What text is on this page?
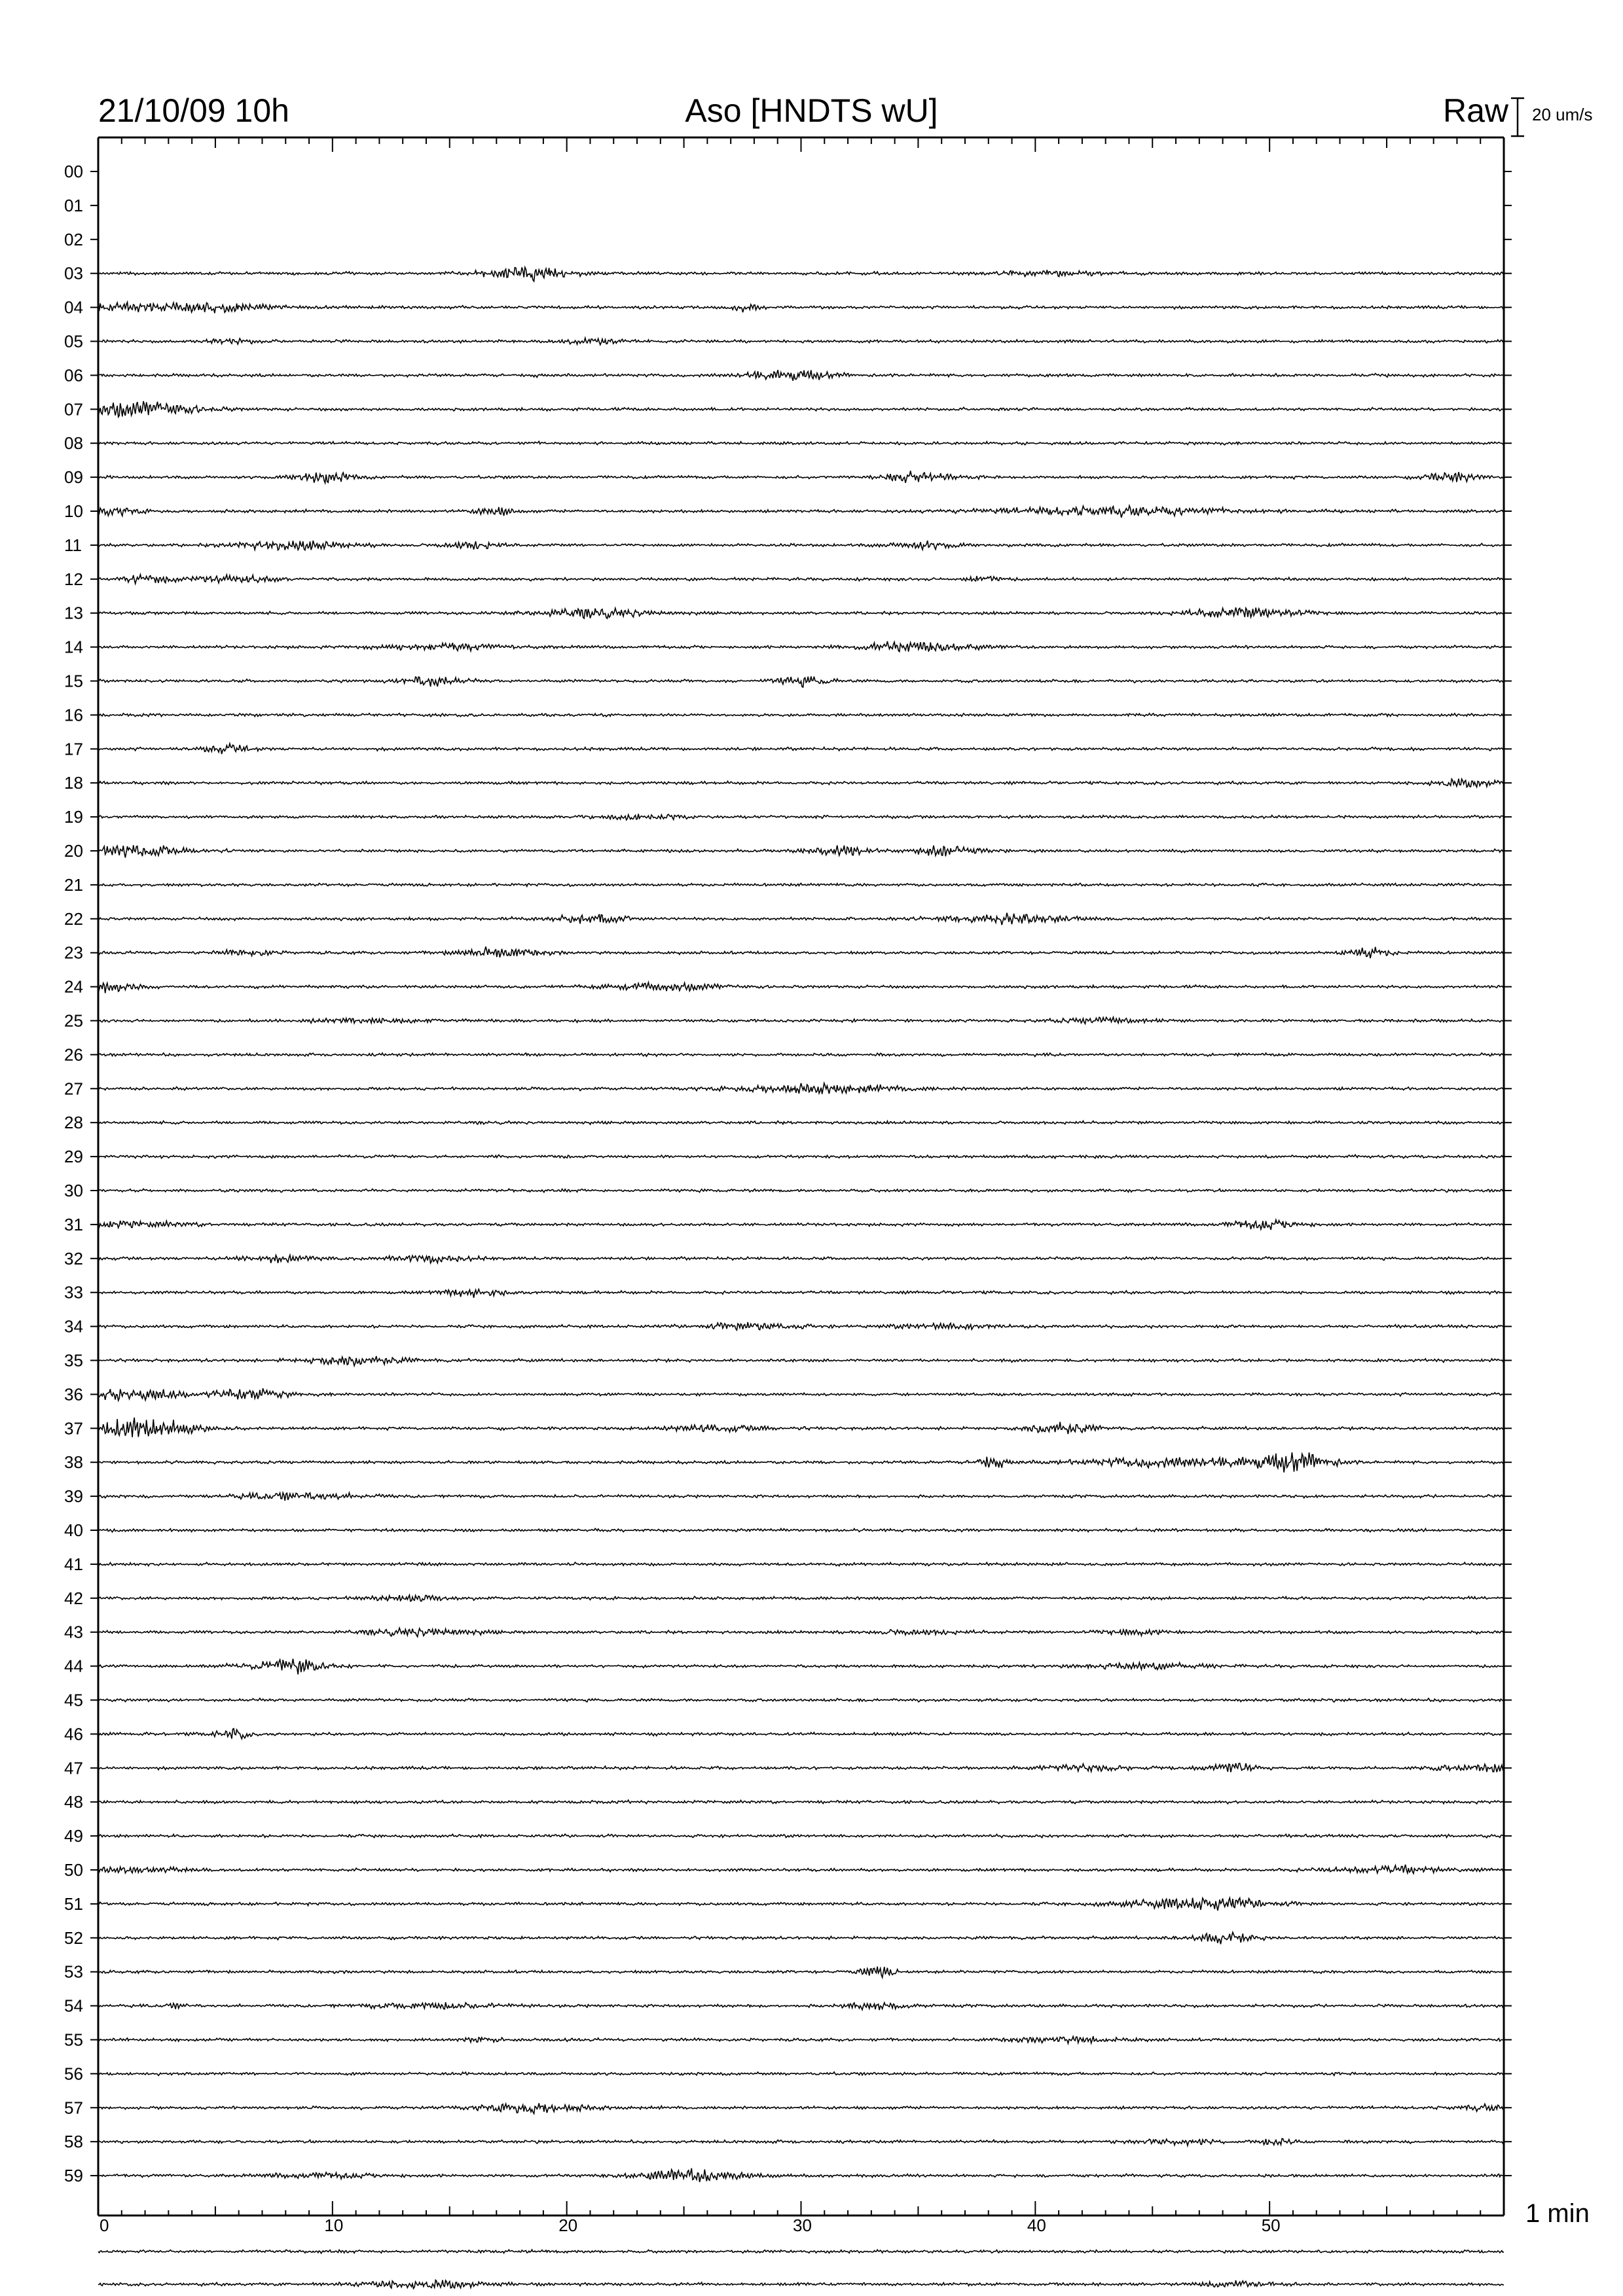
21/10/09 10h	Aso [HNDTS wU]	Raw 20 um/s
1 min
00
01
02
03
04
05
06
07
08
09
10
11
12
13
14
15
16
17
18
19
20
21
22
23
24
25
26
27
28
29
30
31
32
33
34
35
36
37
38
39
40
41
42
43
44
45
46
47
48
49
50
51
52
53
54
55
56
57
58
59
0	10	20	30	40	50
